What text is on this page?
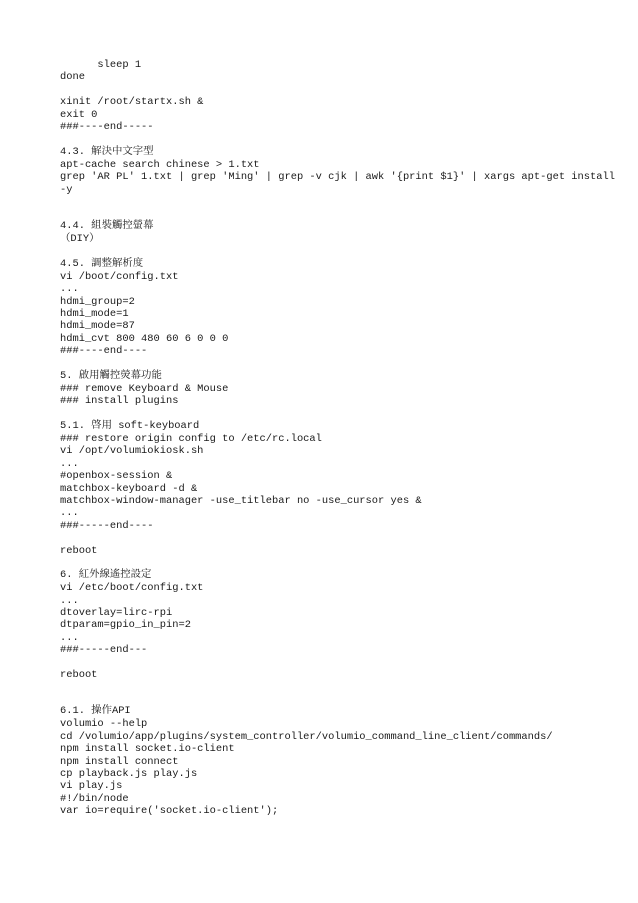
sleep 1
done
xinit /root/startx.sh &
exit 0
###----end-----
4.3. 解決中文字型
apt-cache search chinese > 1.txt
grep 'AR PL' 1.txt | grep 'Ming' | grep -v cjk | awk '{print $1}' | xargs apt-get install -y
4.4. 組裝觸控螢幕
（DIY）
4.5. 調整解析度
vi /boot/config.txt
...
hdmi_group=2
hdmi_mode=1
hdmi_mode=87
hdmi_cvt 800 480 60 6 0 0 0
###----end----
5. 啟用觸控熒幕功能
### remove Keyboard & Mouse
### install plugins
5.1. 啓用 soft-keyboard
### restore origin config to /etc/rc.local
vi /opt/volumiokiosk.sh
...
#openbox-session &
matchbox-keyboard -d &
matchbox-window-manager -use_titlebar no -use_cursor yes &
...
###-----end----
reboot
6. 紅外線遙控設定
vi /etc/boot/config.txt
...
dtoverlay=lirc-rpi
dtparam=gpio_in_pin=2
...
###-----end---
reboot
6.1. 操作API
volumio --help
cd /volumio/app/plugins/system_controller/volumio_command_line_client/commands/
npm install socket.io-client
npm install connect
cp playback.js play.js
vi play.js
#!/bin/node
var io=require('socket.io-client');
